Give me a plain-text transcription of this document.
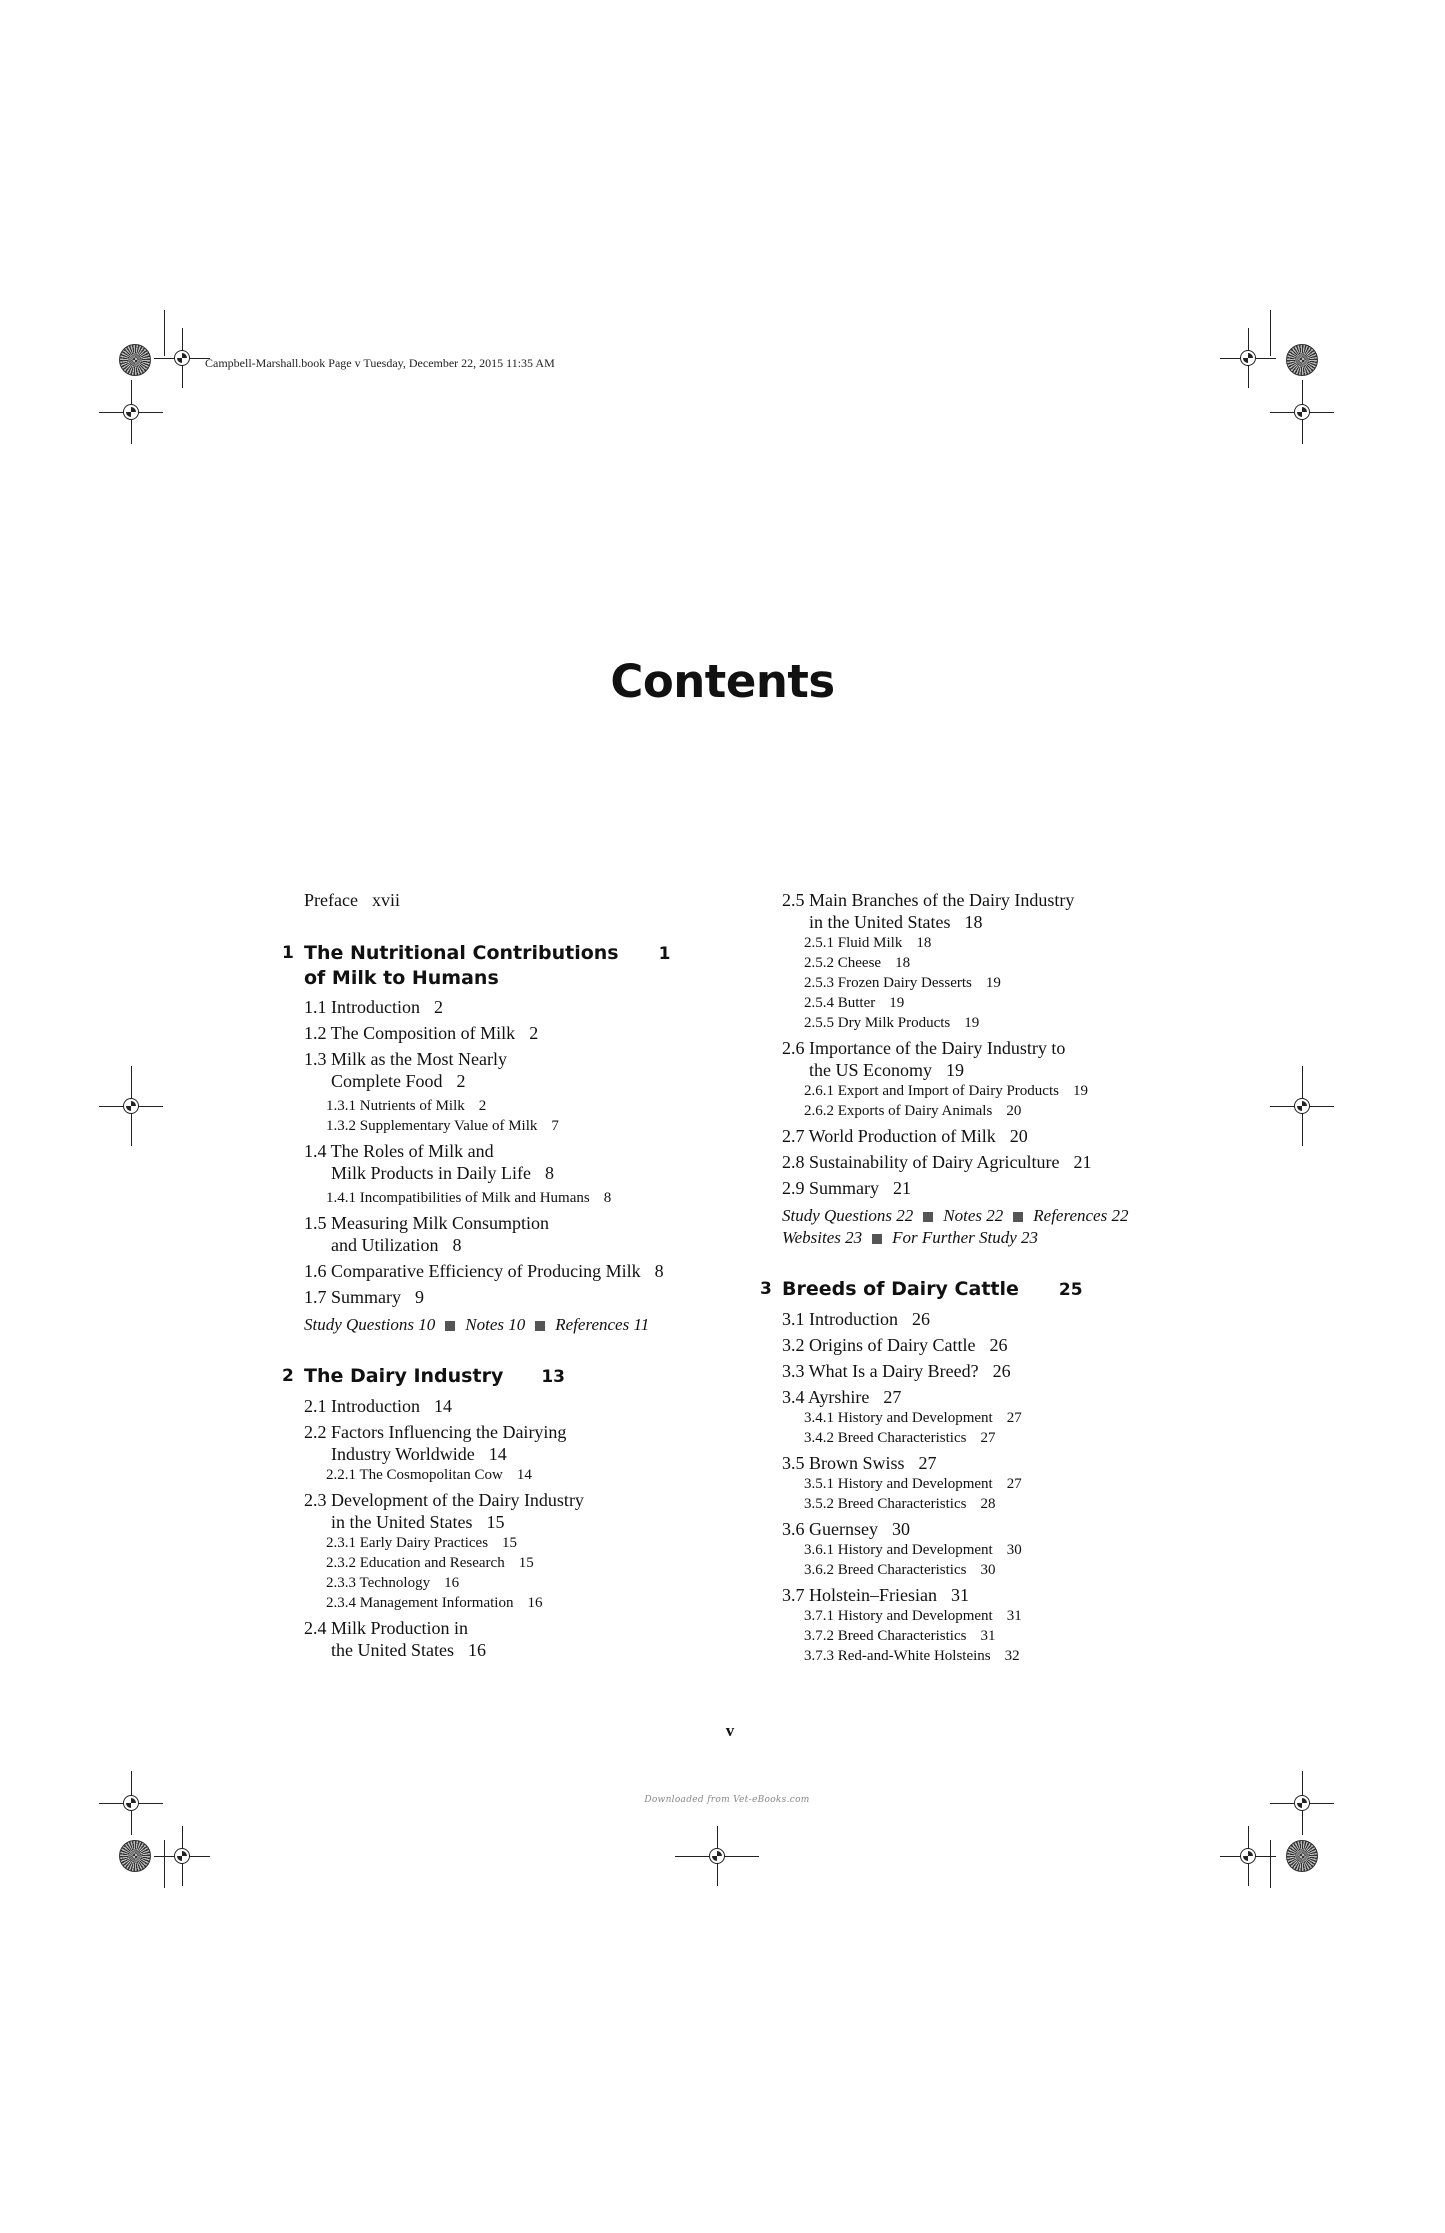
Campbell-Marshall.book Page v Tuesday, December 22, 2015 11:35 AM
Contents
Preface xvii
1 The Nutritional Contributions 1
of Milk to Humans
1.1 Introduction 2
1.2 The Composition of Milk 2
1.3 Milk as the Most Nearly
Complete Food 2
1.3.1 Nutrients of Milk 2
1.3.2 Supplementary Value of Milk 7
1.4 The Roles of Milk and
Milk Products in Daily Life 8
1.4.1 Incompatibilities of Milk and Humans 8
1.5 Measuring Milk Consumption
and Utilization 8
1.6 Comparative Efficiency of Producing Milk 8
1.7 Summary 9
Study Questions 10 Notes 10 References 11
2 The Dairy Industry 13
2.1 Introduction 14
2.2 Factors Influencing the Dairying
Industry Worldwide 14
2.2.1 The Cosmopolitan Cow 14
2.3 Development of the Dairy Industry
in the United States 15
2.3.1 Early Dairy Practices 15
2.3.2 Education and Research 15
2.3.3 Technology 16
2.3.4 Management Information 16
2.4 Milk Production in
the United States 16
2.5 Main Branches of the Dairy Industry
in the United States 18
2.5.1 Fluid Milk 18
2.5.2 Cheese 18
2.5.3 Frozen Dairy Desserts 19
2.5.4 Butter 19
2.5.5 Dry Milk Products 19
2.6 Importance of the Dairy Industry to
the US Economy 19
2.6.1 Export and Import of Dairy Products 19
2.6.2 Exports of Dairy Animals 20
2.7 World Production of Milk 20
2.8 Sustainability of Dairy Agriculture 21
2.9 Summary 21
Study Questions 22 Notes 22 References 22
Websites 23 For Further Study 23
3 Breeds of Dairy Cattle 25
3.1 Introduction 26
3.2 Origins of Dairy Cattle 26
3.3 What Is a Dairy Breed? 26
3.4 Ayrshire 27
3.4.1 History and Development 27
3.4.2 Breed Characteristics 27
3.5 Brown Swiss 27
3.5.1 History and Development 27
3.5.2 Breed Characteristics 28
3.6 Guernsey 30
3.6.1 History and Development 30
3.6.2 Breed Characteristics 30
3.7 Holstein–Friesian 31
3.7.1 History and Development 31
3.7.2 Breed Characteristics 31
3.7.3 Red-and-White Holsteins 32
v
Downloaded from Vet-eBooks.com
